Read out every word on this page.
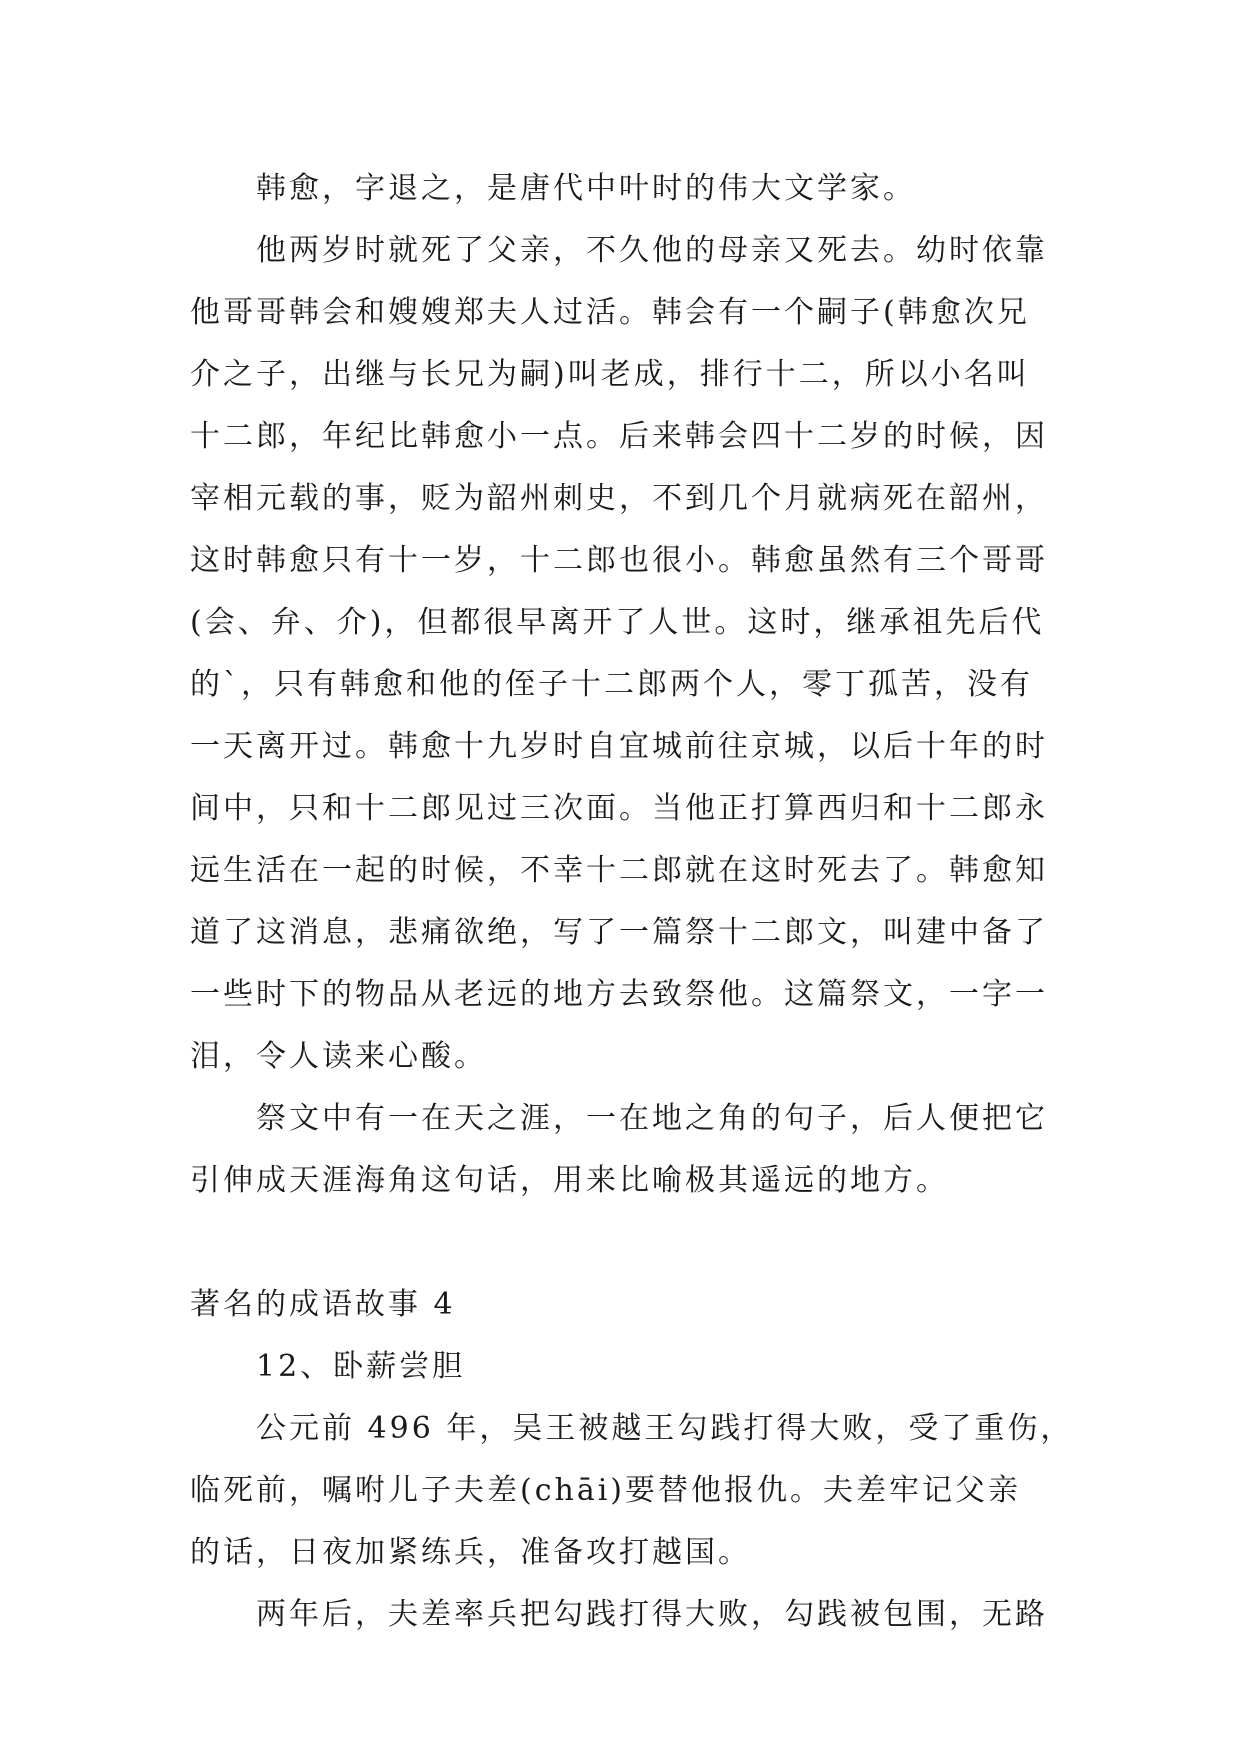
韩愈，字退之，是唐代中叶时的伟大文学家。

他两岁时就死了父亲，不久他的母亲又死去。幼时依靠

他哥哥韩会和嫂嫂郑夫人过活。韩会有一个嗣子(韩愈次兄

介之子，出继与长兄为嗣)叫老成，排行十二，所以小名叫

十二郎，年纪比韩愈小一点。后来韩会四十二岁的时候，因

宰相元载的事，贬为韶州刺史，不到几个月就病死在韶州，

这时韩愈只有十一岁，十二郎也很小。韩愈虽然有三个哥哥

(会、弁、介)，但都很早离开了人世。这时，继承祖先后代

的`，只有韩愈和他的侄子十二郎两个人，零丁孤苦，没有

一天离开过。韩愈十九岁时自宜城前往京城，以后十年的时

间中，只和十二郎见过三次面。当他正打算西归和十二郎永

远生活在一起的时候，不幸十二郎就在这时死去了。韩愈知

道了这消息，悲痛欲绝，写了一篇祭十二郎文，叫建中备了

一些时下的物品从老远的地方去致祭他。这篇祭文，一字一

泪，令人读来心酸。

祭文中有一在天之涯，一在地之角的句子，后人便把它

引伸成天涯海角这句话，用来比喻极其遥远的地方。

著名的成语故事 4

12、卧薪尝胆

公元前 496 年，吴王被越王勾践打得大败，受了重伤，

临死前，嘱咐儿子夫差(chāi)要替他报仇。夫差牢记父亲

的话，日夜加紧练兵，准备攻打越国。

两年后，夫差率兵把勾践打得大败，勾践被包围，无路
